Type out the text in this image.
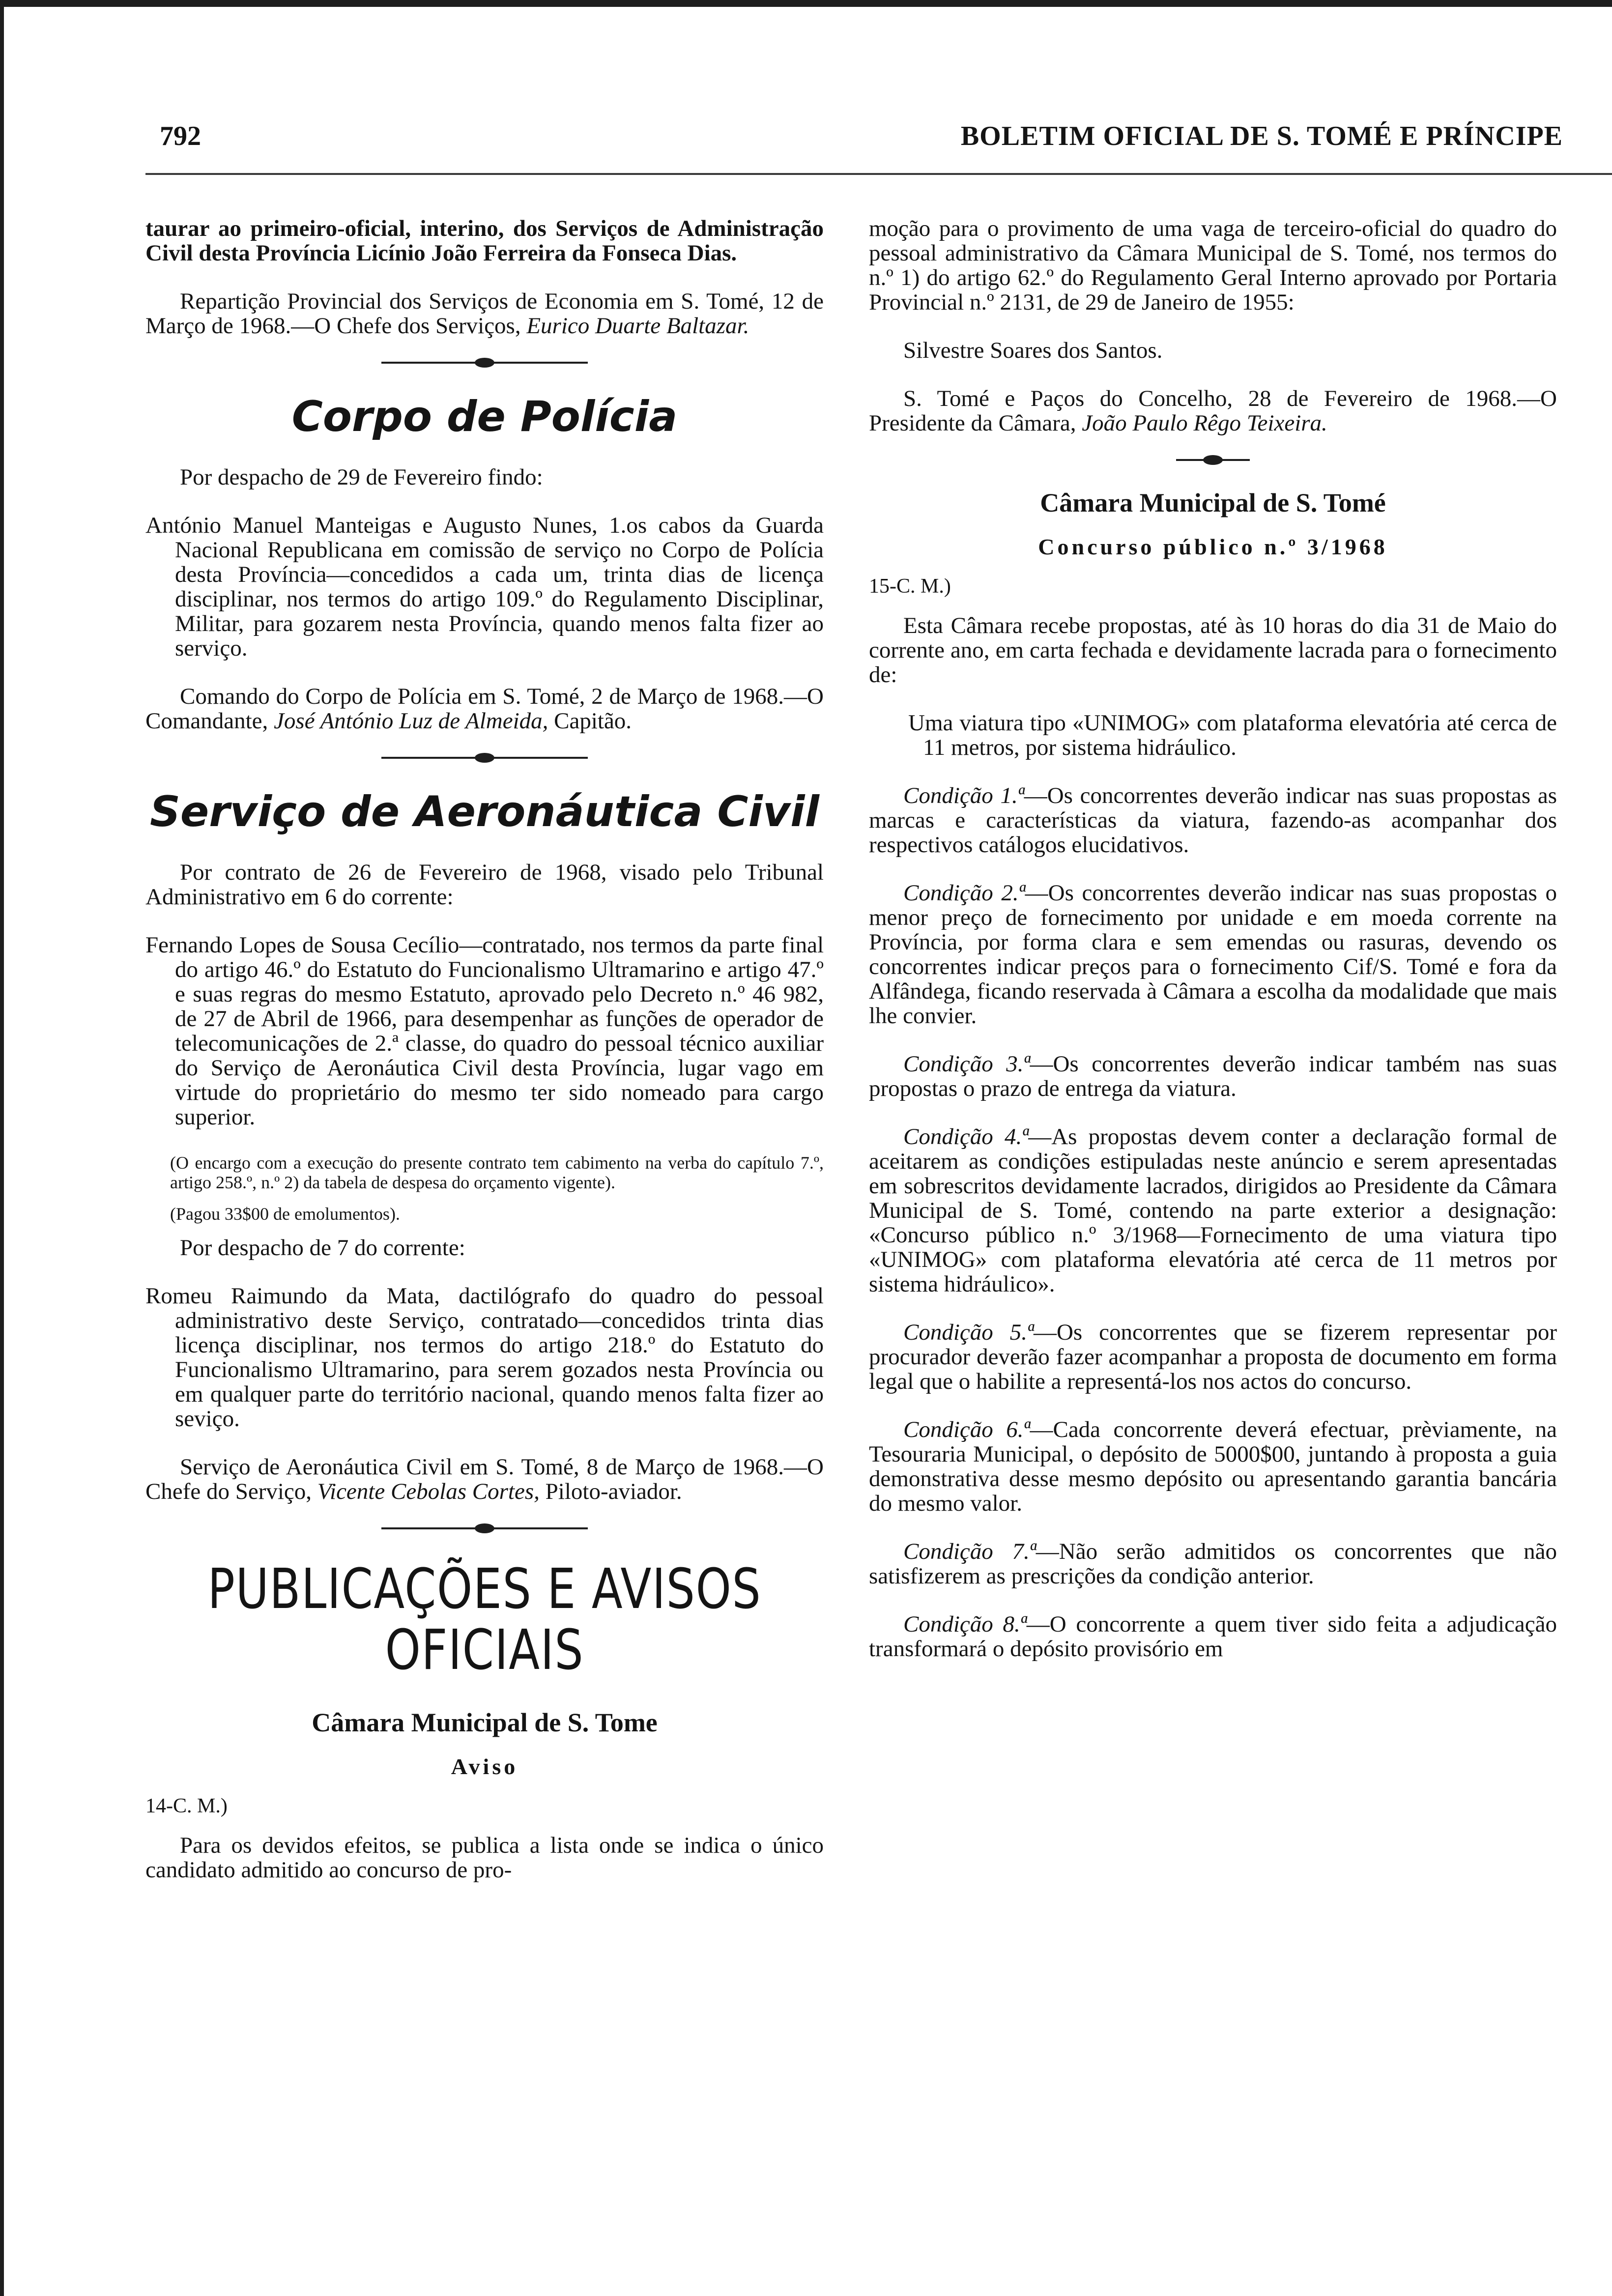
792	BOLETIM OFICIAL DE S. TOMÉ E PRÍNCIPE

taurar ao primeiro-oficial, interino, dos Serviços de Administração Civil desta Província Licínio João Ferreira da Fonseca Dias.

Repartição Provincial dos Serviços de Economia em S. Tomé, 12 de Março de 1968.—O Chefe dos Serviços, Eurico Duarte Baltazar.

Corpo de Polícia

Por despacho de 29 de Fevereiro findo:

António Manuel Manteigas e Augusto Nunes, 1.os cabos da Guarda Nacional Republicana em comissão de serviço no Corpo de Polícia desta Província—concedidos a cada um, trinta dias de licença disciplinar, nos termos do artigo 109.º do Regulamento Disciplinar, Militar, para gozarem nesta Província, quando menos falta fizer ao serviço.

Comando do Corpo de Polícia em S. Tomé, 2 de Março de 1968.—O Comandante, José António Luz de Almeida, Capitão.

Serviço de Aeronáutica Civil

Por contrato de 26 de Fevereiro de 1968, visado pelo Tribunal Administrativo em 6 do corrente:

Fernando Lopes de Sousa Cecílio—contratado, nos termos da parte final do artigo 46.º do Estatuto do Funcionalismo Ultramarino e artigo 47.º e suas regras do mesmo Estatuto, aprovado pelo Decreto n.º 46 982, de 27 de Abril de 1966, para desempenhar as funções de operador de telecomunicações de 2.ª classe, do quadro do pessoal técnico auxiliar do Serviço de Aeronáutica Civil desta Província, lugar vago em virtude do proprietário do mesmo ter sido nomeado para cargo superior.

(O encargo com a execução do presente contrato tem cabimento na verba do capítulo 7.º, artigo 258.º, n.º 2) da tabela de despesa do orçamento vigente).

(Pagou 33$00 de emolumentos).

Por despacho de 7 do corrente:

Romeu Raimundo da Mata, dactilógrafo do quadro do pessoal administrativo deste Serviço, contratado—concedidos trinta dias licença disciplinar, nos termos do artigo 218.º do Estatuto do Funcionalismo Ultramarino, para serem gozados nesta Província ou em qualquer parte do território nacional, quando menos falta fizer ao seviço.

Serviço de Aeronáutica Civil em S. Tomé, 8 de Março de 1968.—O Chefe do Serviço, Vicente Cebolas Cortes, Piloto-aviador.

PUBLICAÇÕES E AVISOS OFICIAIS
Câmara Municipal de S. Tome
Aviso
14-C. M.)

Para os devidos efeitos, se publica a lista onde se indica o único candidato admitido ao concurso de pro-

moção para o provimento de uma vaga de terceiro-oficial do quadro do pessoal administrativo da Câmara Municipal de S. Tomé, nos termos do n.º 1) do artigo 62.º do Regulamento Geral Interno aprovado por Portaria Provincial n.º 2131, de 29 de Janeiro de 1955:

Silvestre Soares dos Santos.

S. Tomé e Paços do Concelho, 28 de Fevereiro de 1968.—O Presidente da Câmara, João Paulo Rêgo Teixeira.

Câmara Municipal de S. Tomé
Concurso público n.º 3/1968
15-C. M.)

Esta Câmara recebe propostas, até às 10 horas do dia 31 de Maio do corrente ano, em carta fechada e devidamente lacrada para o fornecimento de:

Uma viatura tipo «UNIMOG» com plataforma elevatória até cerca de 11 metros, por sistema hidráulico.

Condição 1.ª—Os concorrentes deverão indicar nas suas propostas as marcas e características da viatura, fazendo-as acompanhar dos respectivos catálogos elucidativos.

Condição 2.ª—Os concorrentes deverão indicar nas suas propostas o menor preço de fornecimento por unidade e em moeda corrente na Província, por forma clara e sem emendas ou rasuras, devendo os concorrentes indicar preços para o fornecimento Cif/S. Tomé e fora da Alfândega, ficando reservada à Câmara a escolha da modalidade que mais lhe convier.

Condição 3.ª—Os concorrentes deverão indicar também nas suas propostas o prazo de entrega da viatura.

Condição 4.ª—As propostas devem conter a declaração formal de aceitarem as condições estipuladas neste anúncio e serem apresentadas em sobrescritos devidamente lacrados, dirigidos ao Presidente da Câmara Municipal de S. Tomé, contendo na parte exterior a designação: «Concurso público n.º 3/1968—Fornecimento de uma viatura tipo «UNIMOG» com plataforma elevatória até cerca de 11 metros por sistema hidráulico».

Condição 5.ª—Os concorrentes que se fizerem representar por procurador deverão fazer acompanhar a proposta de documento em forma legal que o habilite a representá-los nos actos do concurso.

Condição 6.ª—Cada concorrente deverá efectuar, prèviamente, na Tesouraria Municipal, o depósito de 5000$00, juntando à proposta a guia demonstrativa desse mesmo depósito ou apresentando garantia bancária do mesmo valor.

Condição 7.ª—Não serão admitidos os concorrentes que não satisfizerem as prescrições da condição anterior.

Condição 8.ª—O concorrente a quem tiver sido feita a adjudicação transformará o depósito provisório em
